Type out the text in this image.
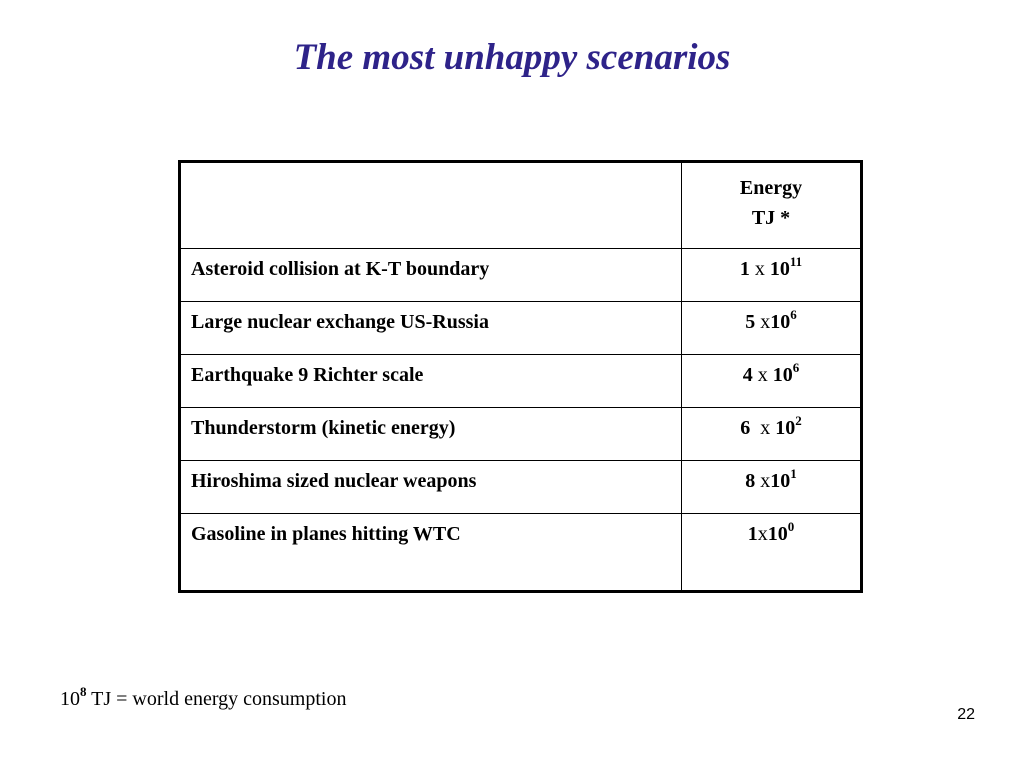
The most unhappy scenarios

	Energy
TJ *

Asteroid collision at K-T boundary	1 x $10^{11}$
Large nuclear exchange US-Russia	5 $x10^6$
Earthquake 9 Richter scale	4 x $10^6$
Thunderstorm (kinetic energy)	6  x $10^2$
Hiroshima sized nuclear weapons	8 $x10^1$
Gasoline in planes hitting WTC	$1x10^0$
$10^8$ TJ = world energy consumption
22
